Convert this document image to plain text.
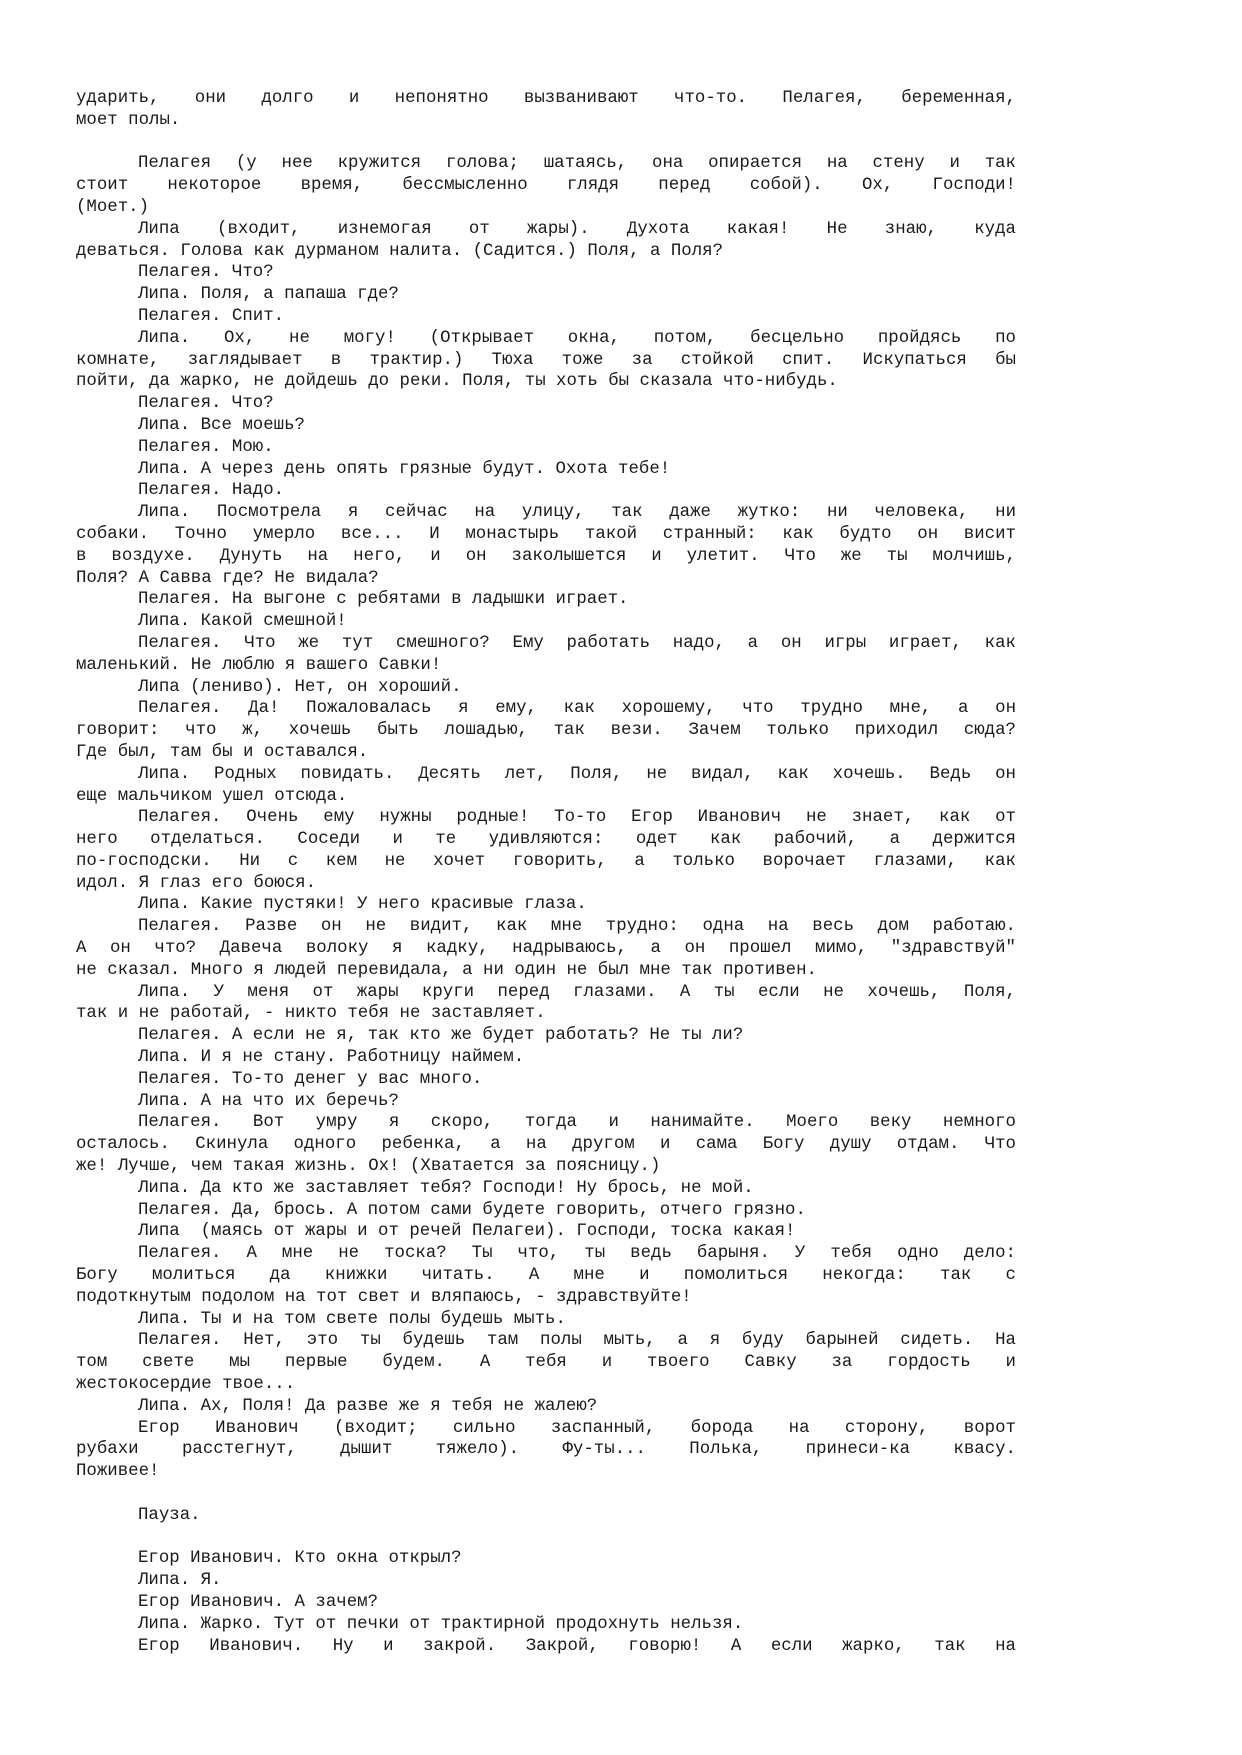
ударить, они долго и непонятно вызванивают что-то. Пелагея, беременная,
моет полы.
Пелагея (у нее кружится голова; шатаясь, она опирается на стену и так
стоит некоторое время, бессмысленно глядя перед собой). Ох, Господи!
(Моет.)
Липа (входит, изнемогая от жары). Духота какая! Не знаю, куда
деваться. Голова как дурманом налита. (Садится.) Поля, а Поля?
Пелагея. Что?
Липа. Поля, а папаша где?
Пелагея. Спит.
Липа. Ох, не могу! (Открывает окна, потом, бесцельно пройдясь по
комнате, заглядывает в трактир.) Тюха тоже за стойкой спит. Искупаться бы
пойти, да жарко, не дойдешь до реки. Поля, ты хоть бы сказала что-нибудь.
Пелагея. Что?
Липа. Все моешь?
Пелагея. Мою.
Липа. А через день опять грязные будут. Охота тебе!
Пелагея. Надо.
Липа. Посмотрела я сейчас на улицу, так даже жутко: ни человека, ни
собаки. Точно умерло все... И монастырь такой странный: как будто он висит
в воздухе. Дунуть на него, и он заколышется и улетит. Что же ты молчишь,
Поля? А Савва где? Не видала?
Пелагея. На выгоне с ребятами в ладышки играет.
Липа. Какой смешной!
Пелагея. Что же тут смешного? Ему работать надо, а он игры играет, как
маленький. Не люблю я вашего Савки!
Липа (лениво). Нет, он хороший.
Пелагея. Да! Пожаловалась я ему, как хорошему, что трудно мне, а он
говорит: что ж, хочешь быть лошадью, так вези. Зачем только приходил сюда?
Где был, там бы и оставался.
Липа. Родных повидать. Десять лет, Поля, не видал, как хочешь. Ведь он
еще мальчиком ушел отсюда.
Пелагея. Очень ему нужны родные! То-то Егор Иванович не знает, как от
него отделаться. Соседи и те удивляются: одет как рабочий, а держится
по-господски. Ни с кем не хочет говорить, а только ворочает глазами, как
идол. Я глаз его боюся.
Липа. Какие пустяки! У него красивые глаза.
Пелагея. Разве он не видит, как мне трудно: одна на весь дом работаю.
А он что? Давеча волоку я кадку, надрываюсь, а он прошел мимо, "здравствуй"
не сказал. Много я людей перевидала, а ни один не был мне так противен.
Липа. У меня от жары круги перед глазами. А ты если не хочешь, Поля,
так и не работай, - никто тебя не заставляет.
Пелагея. А если не я, так кто же будет работать? Не ты ли?
Липа. И я не стану. Работницу наймем.
Пелагея. То-то денег у вас много.
Липа. А на что их беречь?
Пелагея. Вот умру я скоро, тогда и нанимайте. Моего веку немного
осталось. Скинула одного ребенка, а на другом и сама Богу душу отдам. Что
же! Лучше, чем такая жизнь. Ох! (Хватается за поясницу.)
Липа. Да кто же заставляет тебя? Господи! Ну брось, не мой.
Пелагея. Да, брось. А потом сами будете говорить, отчего грязно.
Липа  (маясь от жары и от речей Пелагеи). Господи, тоска какая!
Пелагея. А мне не тоска? Ты что, ты ведь барыня. У тебя одно дело:
Богу молиться да книжки читать. А мне и помолиться некогда: так с
подоткнутым подолом на тот свет и вляпаюсь, - здравствуйте!
Липа. Ты и на том свете полы будешь мыть.
Пелагея. Нет, это ты будешь там полы мыть, а я буду барыней сидеть. На
том свете мы первые будем. А тебя и твоего Савку за гордость и
жестокосердие твое...
Липа. Ах, Поля! Да разве же я тебя не жалею?
Егор Иванович (входит; сильно заспанный, борода на сторону, ворот
рубахи расстегнут, дышит тяжело). Фу-ты... Полька, принеси-ка квасу.
Поживее!
Пауза.
Егор Иванович. Кто окна открыл?
Липа. Я.
Егор Иванович. А зачем?
Липа. Жарко. Тут от печки от трактирной продохнуть нельзя.
Егор Иванович. Ну и закрой. Закрой, говорю! А если жарко, так на
